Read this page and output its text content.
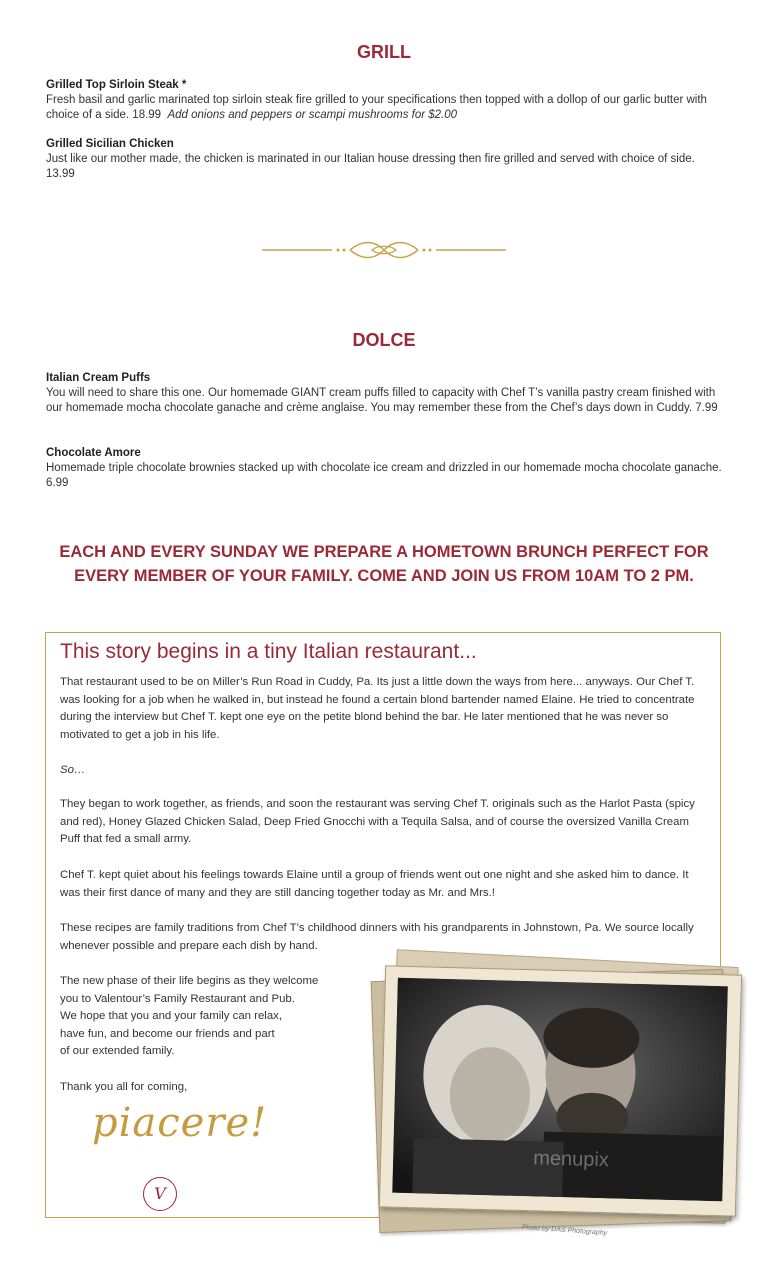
GRILL
Grilled Top Sirloin Steak *
Fresh basil and garlic marinated top sirloin steak fire grilled to your specifications then topped with a dollop of our garlic butter with choice of a side. 18.99 Add onions and peppers or scampi mushrooms for $2.00
Grilled Sicilian Chicken
Just like our mother made, the chicken is marinated in our Italian house dressing then fire grilled and served with choice of side. 13.99
DOLCE
Italian Cream Puffs
You will need to share this one. Our homemade GIANT cream puffs filled to capacity with Chef T’s vanilla pastry cream finished with our homemade mocha chocolate ganache and crème anglaise. You may remember these from the Chef’s days down in Cuddy. 7.99
Chocolate Amore
Homemade triple chocolate brownies stacked up with chocolate ice cream and drizzled in our homemade mocha chocolate ganache. 6.99
EACH AND EVERY SUNDAY WE PREPARE A HOMETOWN BRUNCH PERFECT FOR
EVERY MEMBER OF YOUR FAMILY. COME AND JOIN US FROM 10AM TO 2 PM.
This story begins in a tiny Italian restaurant...

That restaurant used to be on Miller’s Run Road in Cuddy, Pa. Its just a little down the ways from here... anyways. Our Chef T. was looking for a job when he walked in, but instead he found a certain blond bartender named Elaine. He tried to concentrate during the interview but Chef T. kept one eye on the petite blond behind the bar. He later mentioned that he was never so motivated to get a job in his life.

So…

They began to work together, as friends, and soon the restaurant was serving Chef T. originals such as the Harlot Pasta (spicy and red), Honey Glazed Chicken Salad, Deep Fried Gnocchi with a Tequila Salsa, and of course the oversized Vanilla Cream Puff that fed a small army.

Chef T. kept quiet about his feelings towards Elaine until a group of friends went out one night and she asked him to dance. It was their first dance of many and they are still dancing together today as Mr. and Mrs.!

These recipes are family traditions from Chef T’s childhood dinners with his grandparents in Johnstown, Pa. We source locally whenever possible and prepare each dish by hand.

The new phase of their life begins as they welcome
you to Valentour’s Family Restaurant and Pub.
We hope that you and your family can relax,
have fun, and become our friends and part
of our extended family.

Thank you all for coming,

piacere!
V
menupix
Photo by DAS Photography
